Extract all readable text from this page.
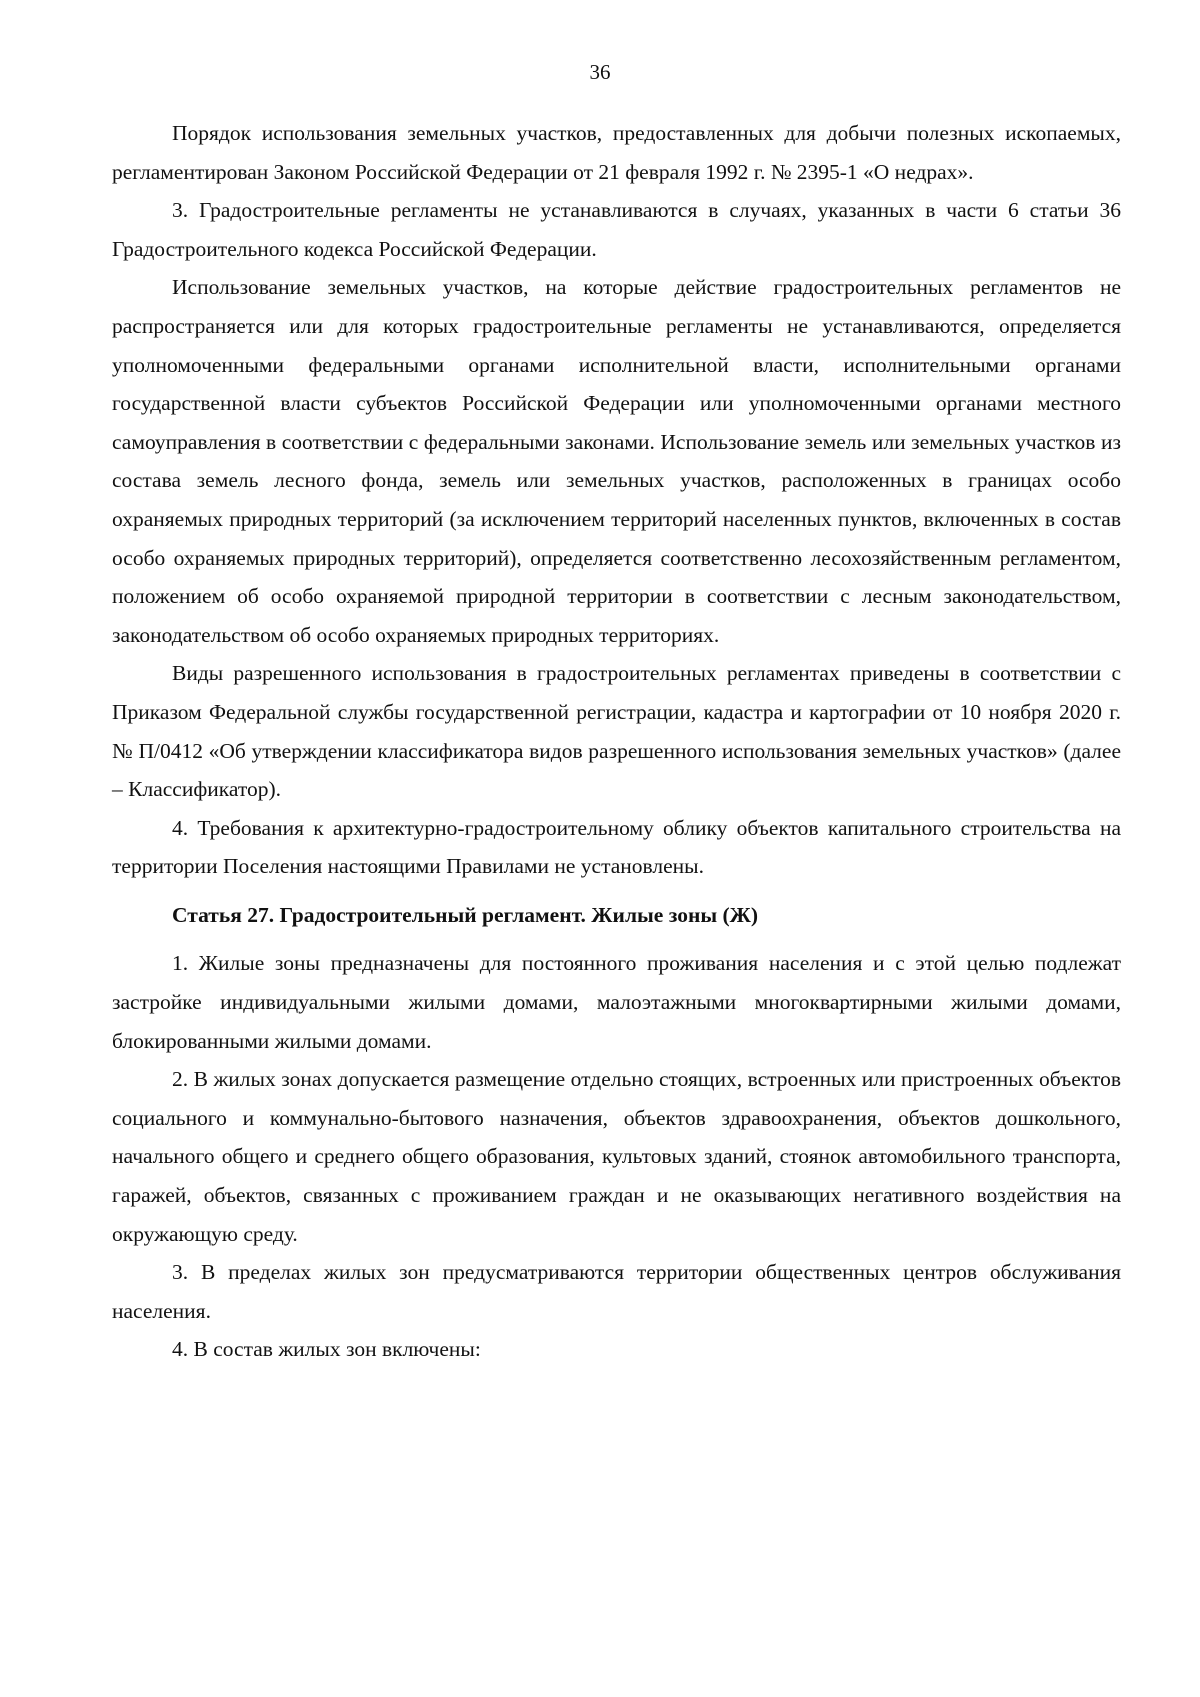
36

Порядок использования земельных участков, предоставленных для добычи полезных ископаемых, регламентирован Законом Российской Федерации от 21 февраля 1992 г. № 2395-1 «О недрах».

3. Градостроительные регламенты не устанавливаются в случаях, указанных в части 6 статьи 36 Градостроительного кодекса Российской Федерации.

Использование земельных участков, на которые действие градостроительных регламентов не распространяется или для которых градостроительные регламенты не устанавливаются, определяется уполномоченными федеральными органами исполнительной власти, исполнительными органами государственной власти субъектов Российской Федерации или уполномоченными органами местного самоуправления в соответствии с федеральными законами. Использование земель или земельных участков из состава земель лесного фонда, земель или земельных участков, расположенных в границах особо охраняемых природных территорий (за исключением территорий населенных пунктов, включенных в состав особо охраняемых природных территорий), определяется соответственно лесохозяйственным регламентом, положением об особо охраняемой природной территории в соответствии с лесным законодательством, законодательством об особо охраняемых природных территориях.

Виды разрешенного использования в градостроительных регламентах приведены в соответствии с Приказом Федеральной службы государственной регистрации, кадастра и картографии от 10 ноября 2020 г. № П/0412 «Об утверждении классификатора видов разрешенного использования земельных участков» (далее – Классификатор).

4. Требования к архитектурно-градостроительному облику объектов капитального строительства на территории Поселения настоящими Правилами не установлены.

Статья 27. Градостроительный регламент. Жилые зоны (Ж)

1. Жилые зоны предназначены для постоянного проживания населения и с этой целью подлежат застройке индивидуальными жилыми домами, малоэтажными многоквартирными жилыми домами, блокированными жилыми домами.

2. В жилых зонах допускается размещение отдельно стоящих, встроенных или пристроенных объектов социального и коммунально-бытового назначения, объектов здравоохранения, объектов дошкольного, начального общего и среднего общего образования, культовых зданий, стоянок автомобильного транспорта, гаражей, объектов, связанных с проживанием граждан и не оказывающих негативного воздействия на окружающую среду.

3. В пределах жилых зон предусматриваются территории общественных центров обслуживания населения.

4. В состав жилых зон включены:
